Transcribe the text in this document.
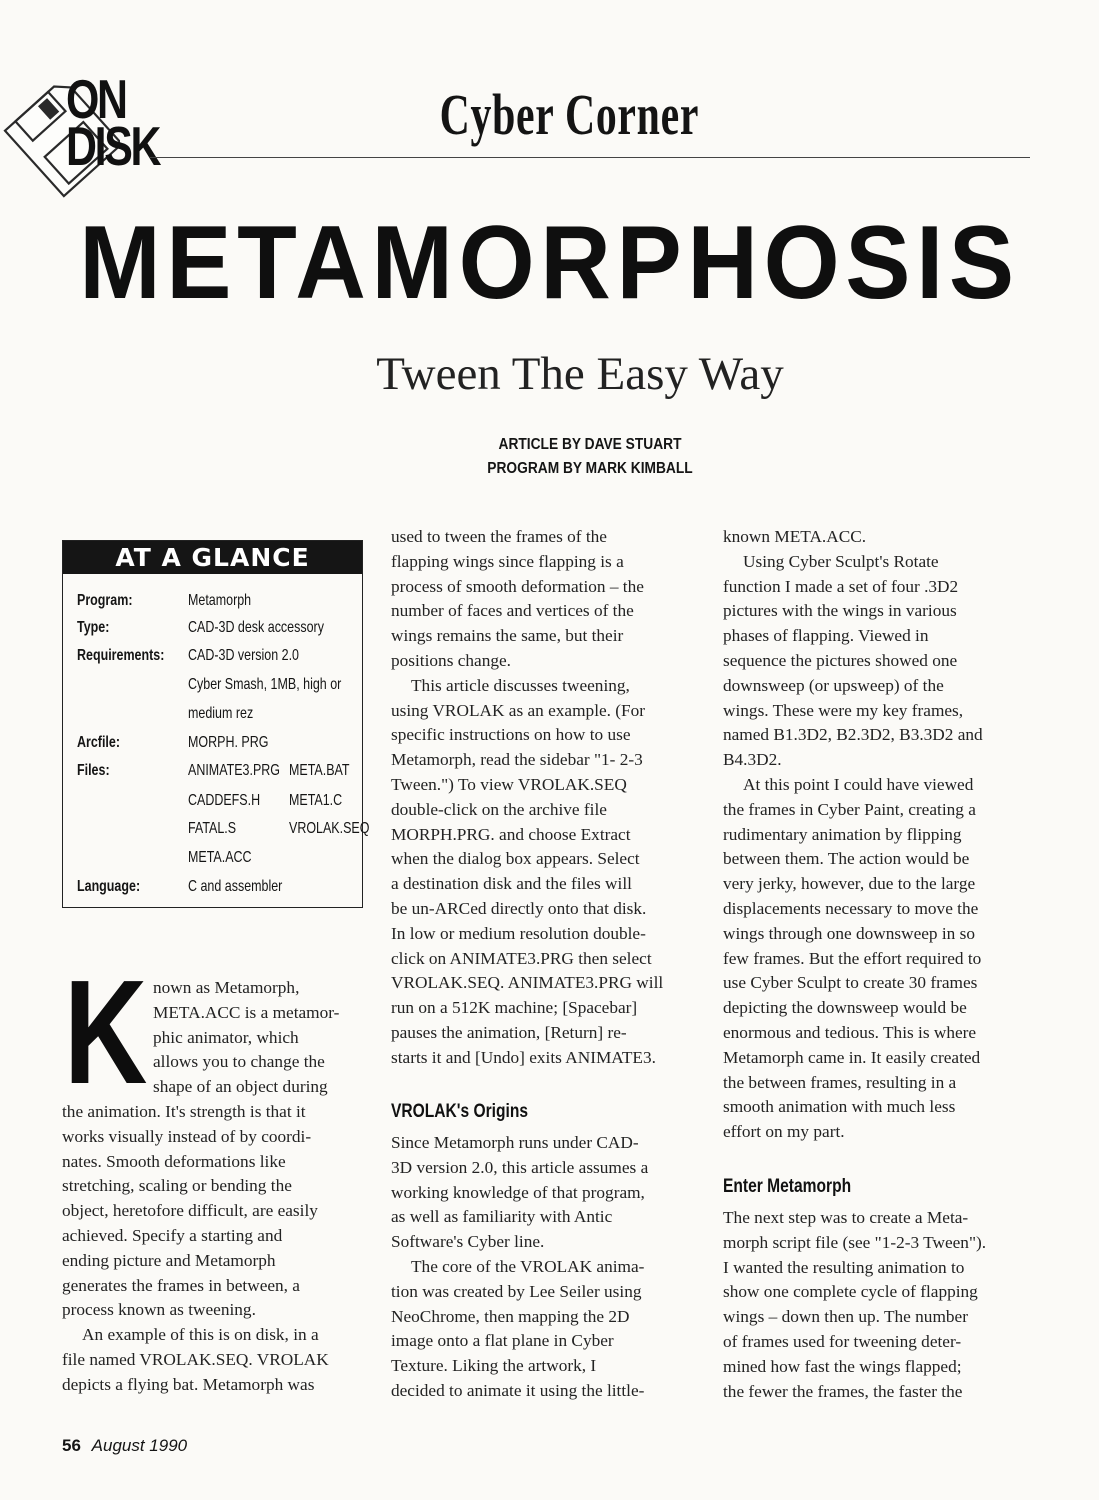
ON
DISK	Cyber Corner
METAMORPHOSIS
Tween The Easy Way
ARTICLE BY DAVE STUART
PROGRAM BY MARK KIMBALL
AT A GLANCE
Program:	Metamorph
Type:	CAD-3D desk accessory
Requirements: CAD-3D version 2.0
Cyber Smash, 1MB, high or
medium rez
Arcfile:	MORPH. PRG
Files:	ANIMATE3.PRG META.BAT
CADDEFS.H META1.C
FATAL.S	VROLAK.SEQ
META.ACC
Language:	C and assembler
K nown as Metamorph,
META.ACC is a metamor-
phic animator, which
allows you to change the
shape of an object during

the animation. It's strength is that it
works visually instead of by coordi-
nates. Smooth deformations like
stretching, scaling or bending the
object, heretofore difficult, are easily
achieved. Specify a starting and
ending picture and Metamorph
generates the frames in between, a
process known as tweening.

An example of this is on disk, in a
file named VROLAK.SEQ. VROLAK
depicts a flying bat. Metamorph was

used to tween the frames of the
flapping wings since flapping is a
process of smooth deformation – the
number of faces and vertices of the
wings remains the same, but their
positions change.

This article discusses tweening,
using VROLAK as an example. (For
specific instructions on how to use
Metamorph, read the sidebar "1- 2-3
Tween.") To view VROLAK.SEQ
double-click on the archive file
MORPH.PRG. and choose Extract
when the dialog box appears. Select
a destination disk and the files will
be un-ARCed directly onto that disk.
In low or medium resolution double-
click on ANIMATE3.PRG then select
VROLAK.SEQ. ANIMATE3.PRG will
run on a 512K machine; [Spacebar]
pauses the animation, [Return] re-
starts it and [Undo] exits ANIMATE3.

VROLAK's Origins

Since Metamorph runs under CAD-
3D version 2.0, this article assumes a
working knowledge of that program,
as well as familiarity with Antic
Software's Cyber line.

The core of the VROLAK anima-
tion was created by Lee Seiler using
NeoChrome, then mapping the 2D
image onto a flat plane in Cyber
Texture. Liking the artwork, I
decided to animate it using the little-

known META.ACC.

Using Cyber Sculpt's Rotate
function I made a set of four .3D2
pictures with the wings in various
phases of flapping. Viewed in
sequence the pictures showed one
downsweep (or upsweep) of the
wings. These were my key frames,
named B1.3D2, B2.3D2, B3.3D2 and
B4.3D2.

At this point I could have viewed
the frames in Cyber Paint, creating a
rudimentary animation by flipping
between them. The action would be
very jerky, however, due to the large
displacements necessary to move the
wings through one downsweep in so
few frames. But the effort required to
use Cyber Sculpt to create 30 frames
depicting the downsweep would be
enormous and tedious. This is where
Metamorph came in. It easily created
the between frames, resulting in a
smooth animation with much less
effort on my part.

Enter Metamorph

The next step was to create a Meta-
morph script file (see "1-2-3 Tween").
I wanted the resulting animation to
show one complete cycle of flapping
wings – down then up. The number
of frames used for tweening deter-
mined how fast the wings flapped;
the fewer the frames, the faster the

56 August 1990
